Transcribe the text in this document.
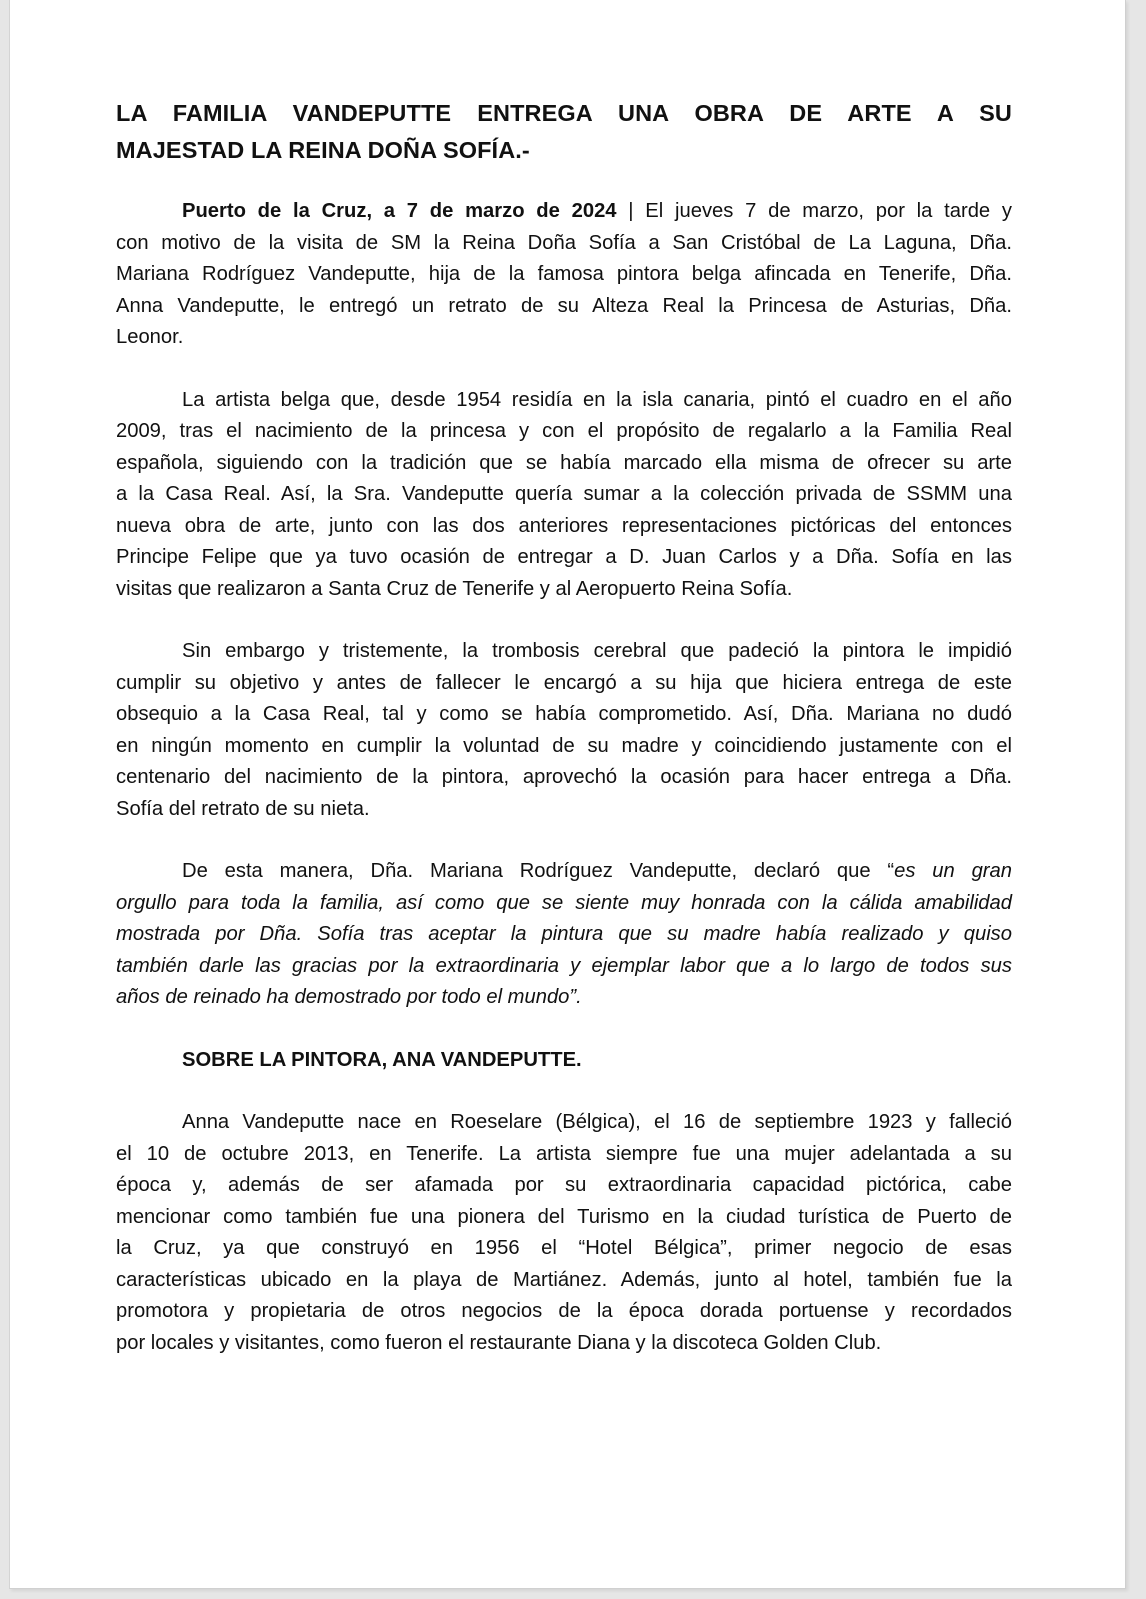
LA FAMILIA VANDEPUTTE ENTREGA UNA OBRA DE ARTE A SU
MAJESTAD LA REINA DOÑA SOFÍA.-
Puerto de la Cruz, a 7 de marzo de 2024 | El jueves 7 de marzo, por la tarde y
con motivo de la visita de SM la Reina Doña Sofía a San Cristóbal de La Laguna, Dña.
Mariana Rodríguez Vandeputte, hija de la famosa pintora belga afincada en Tenerife, Dña.
Anna Vandeputte, le entregó un retrato de su Alteza Real la Princesa de Asturias, Dña.
Leonor.
La artista belga que, desde 1954 residía en la isla canaria, pintó el cuadro en el año
2009, tras el nacimiento de la princesa y con el propósito de regalarlo a la Familia Real
española, siguiendo con la tradición que se había marcado ella misma de ofrecer su arte
a la Casa Real. Así, la Sra. Vandeputte quería sumar a la colección privada de SSMM una
nueva obra de arte, junto con las dos anteriores representaciones pictóricas del entonces
Principe Felipe que ya tuvo ocasión de entregar a D. Juan Carlos y a Dña. Sofía en las
visitas que realizaron a Santa Cruz de Tenerife y al Aeropuerto Reina Sofía.
Sin embargo y tristemente, la trombosis cerebral que padeció la pintora le impidió
cumplir su objetivo y antes de fallecer le encargó a su hija que hiciera entrega de este
obsequio a la Casa Real, tal y como se había comprometido. Así, Dña. Mariana no dudó
en ningún momento en cumplir la voluntad de su madre y coincidiendo justamente con el
centenario del nacimiento de la pintora, aprovechó la ocasión para hacer entrega a Dña.
Sofía del retrato de su nieta.
De esta manera, Dña. Mariana Rodríguez Vandeputte, declaró que “es un gran
orgullo para toda la familia, así como que se siente muy honrada con la cálida amabilidad
mostrada por Dña. Sofía tras aceptar la pintura que su madre había realizado y quiso
también darle las gracias por la extraordinaria y ejemplar labor que a lo largo de todos sus
años de reinado ha demostrado por todo el mundo”.
SOBRE LA PINTORA, ANA VANDEPUTTE.
Anna Vandeputte nace en Roeselare (Bélgica), el 16 de septiembre 1923 y falleció
el 10 de octubre 2013, en Tenerife. La artista siempre fue una mujer adelantada a su
época y, además de ser afamada por su extraordinaria capacidad pictórica, cabe
mencionar como también fue una pionera del Turismo en la ciudad turística de Puerto de
la Cruz, ya que construyó en 1956 el “Hotel Bélgica”, primer negocio de esas
características ubicado en la playa de Martiánez. Además, junto al hotel, también fue la
promotora y propietaria de otros negocios de la época dorada portuense y recordados
por locales y visitantes, como fueron el restaurante Diana y la discoteca Golden Club.
